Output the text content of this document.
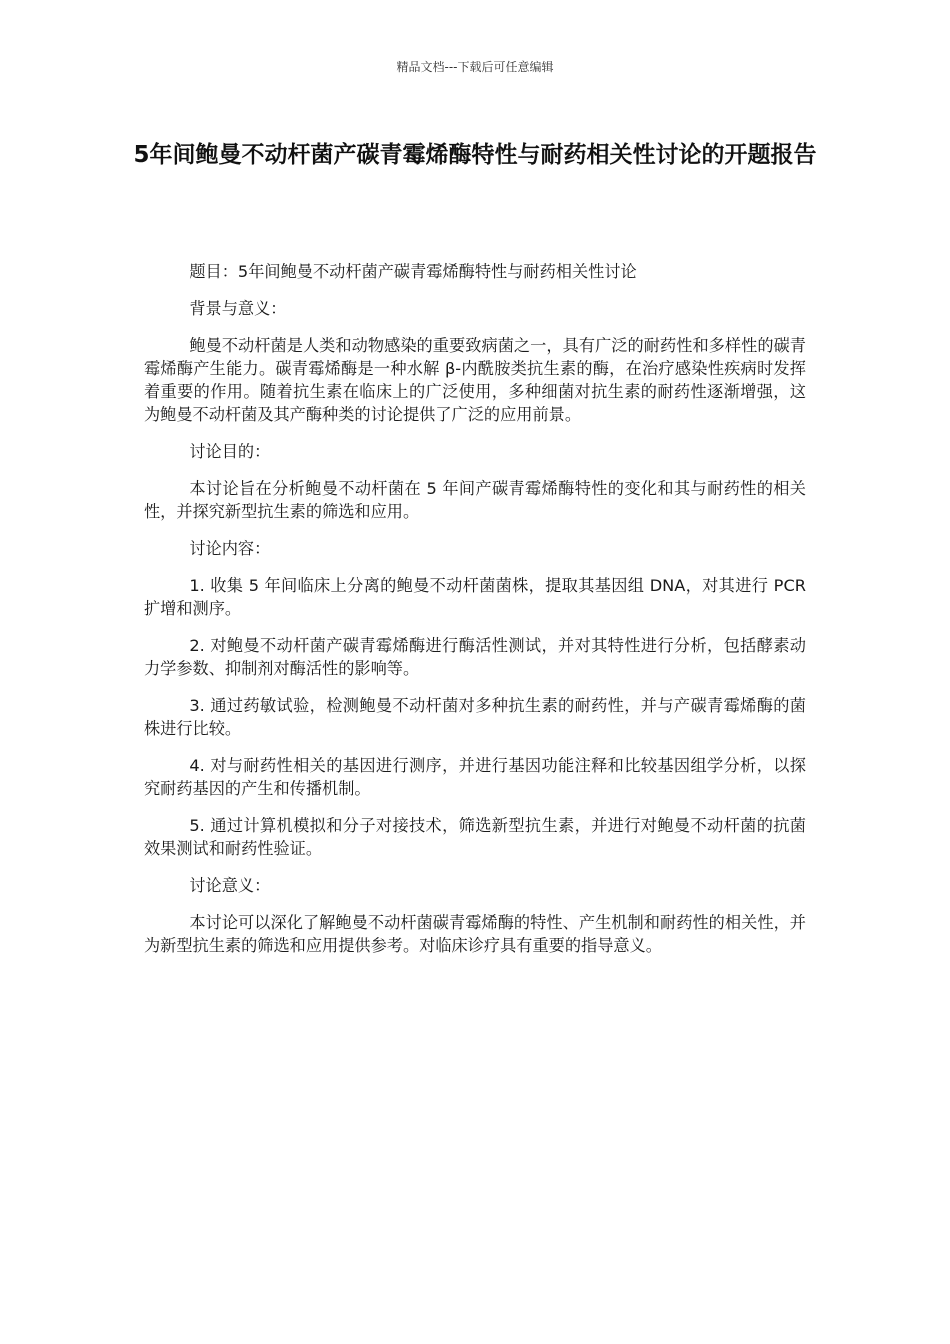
精品文档---下载后可任意编辑
5年间鲍曼不动杆菌产碳青霉烯酶特性与耐药相关性讨论的开题报告

题目：5年间鲍曼不动杆菌产碳青霉烯酶特性与耐药相关性讨论

背景与意义：

鲍曼不动杆菌是人类和动物感染的重要致病菌之一，具有广泛的耐药性和多样性的碳青霉烯酶产生能力。碳青霉烯酶是一种水解 β-内酰胺类抗生素的酶，在治疗感染性疾病时发挥着重要的作用。随着抗生素在临床上的广泛使用，多种细菌对抗生素的耐药性逐渐增强，这为鲍曼不动杆菌及其产酶种类的讨论提供了广泛的应用前景。

讨论目的：

本讨论旨在分析鲍曼不动杆菌在 5 年间产碳青霉烯酶特性的变化和其与耐药性的相关性，并探究新型抗生素的筛选和应用。

讨论内容：

1. 收集 5 年间临床上分离的鲍曼不动杆菌菌株，提取其基因组 DNA，对其进行 PCR 扩增和测序。

2. 对鲍曼不动杆菌产碳青霉烯酶进行酶活性测试，并对其特性进行分析，包括酵素动力学参数、抑制剂对酶活性的影响等。

3. 通过药敏试验，检测鲍曼不动杆菌对多种抗生素的耐药性，并与产碳青霉烯酶的菌株进行比较。

4. 对与耐药性相关的基因进行测序，并进行基因功能注释和比较基因组学分析，以探究耐药基因的产生和传播机制。

5. 通过计算机模拟和分子对接技术，筛选新型抗生素，并进行对鲍曼不动杆菌的抗菌效果测试和耐药性验证。

讨论意义：

本讨论可以深化了解鲍曼不动杆菌碳青霉烯酶的特性、产生机制和耐药性的相关性，并为新型抗生素的筛选和应用提供参考。对临床诊疗具有重要的指导意义。
